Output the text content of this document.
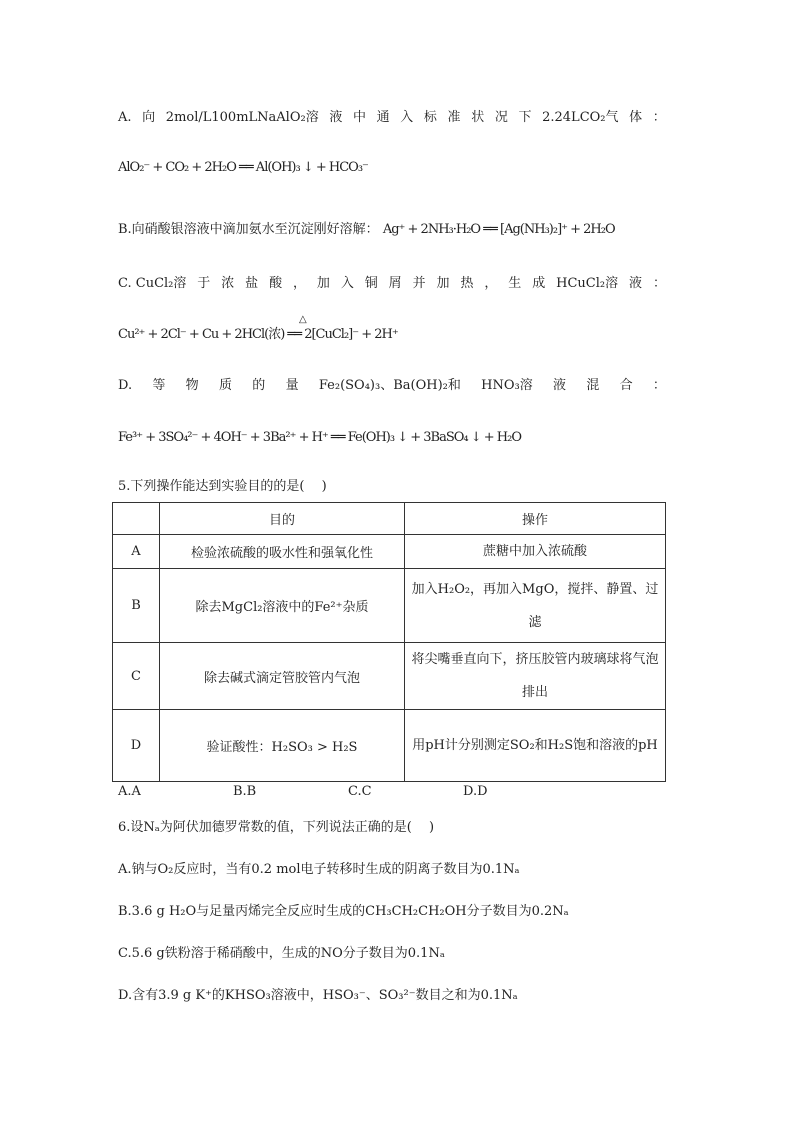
A. 向 2mol/L100mLNaAlO₂溶 液 中 通 入 标 准 状 况 下 2.24LCO₂气 体 ：
AlO₂⁻ + CO₂ + 2H₂O ══ Al(OH)₃ ↓ + HCO₃⁻
B.向硝酸银溶液中滴加氨水至沉淀刚好溶解： Ag⁺ + 2NH₃·H₂O ══ [Ag(NH₃)₂]⁺ + 2H₂O
C. CuCl₂溶 于 浓 盐 酸 ， 加 入 铜 屑 并 加 热 ， 生 成 HCuCl₂溶 液 ：
△
Cu²⁺ + 2Cl⁻ + Cu + 2HCl(浓) ══ 2[CuCl₂]⁻ + 2H⁺
D. 等 物 质 的 量 Fe₂(SO₄)₃、Ba(OH)₂和 HNO₃溶 液 混 合 ：
Fe³⁺ + 3SO₄²⁻ + 4OH⁻ + 3Ba²⁺ + H⁺ ══ Fe(OH)₃ ↓ + 3BaSO₄ ↓ + H₂O
5.下列操作能达到实验目的的是(　 )
	目的	操作
A	检验浓硫酸的吸水性和强氧化性	蔗糖中加入浓硫酸
B	除去MgCl₂溶液中的Fe²⁺杂质	加入H₂O₂，再加入MgO，搅拌、静置、过滤
C	除去碱式滴定管胶管内气泡	将尖嘴垂直向下，挤压胶管内玻璃球将气泡排出
D	验证酸性：H₂SO₃ > H₂S	用pH计分别测定SO₂和H₂S饱和溶液的pH
A.A	B.B	C.C	D.D
6.设Nₐ为阿伏加德罗常数的值，下列说法正确的是(　 )
A.钠与O₂反应时，当有0.2 mol电子转移时生成的阴离子数目为0.1Nₐ
B.3.6 g H₂O与足量丙烯完全反应时生成的CH₃CH₂CH₂OH分子数目为0.2Nₐ
C.5.6 g铁粉溶于稀硝酸中，生成的NO分子数目为0.1Nₐ
D.含有3.9 g K⁺的KHSO₃溶液中，HSO₃⁻、SO₃²⁻数目之和为0.1Nₐ
